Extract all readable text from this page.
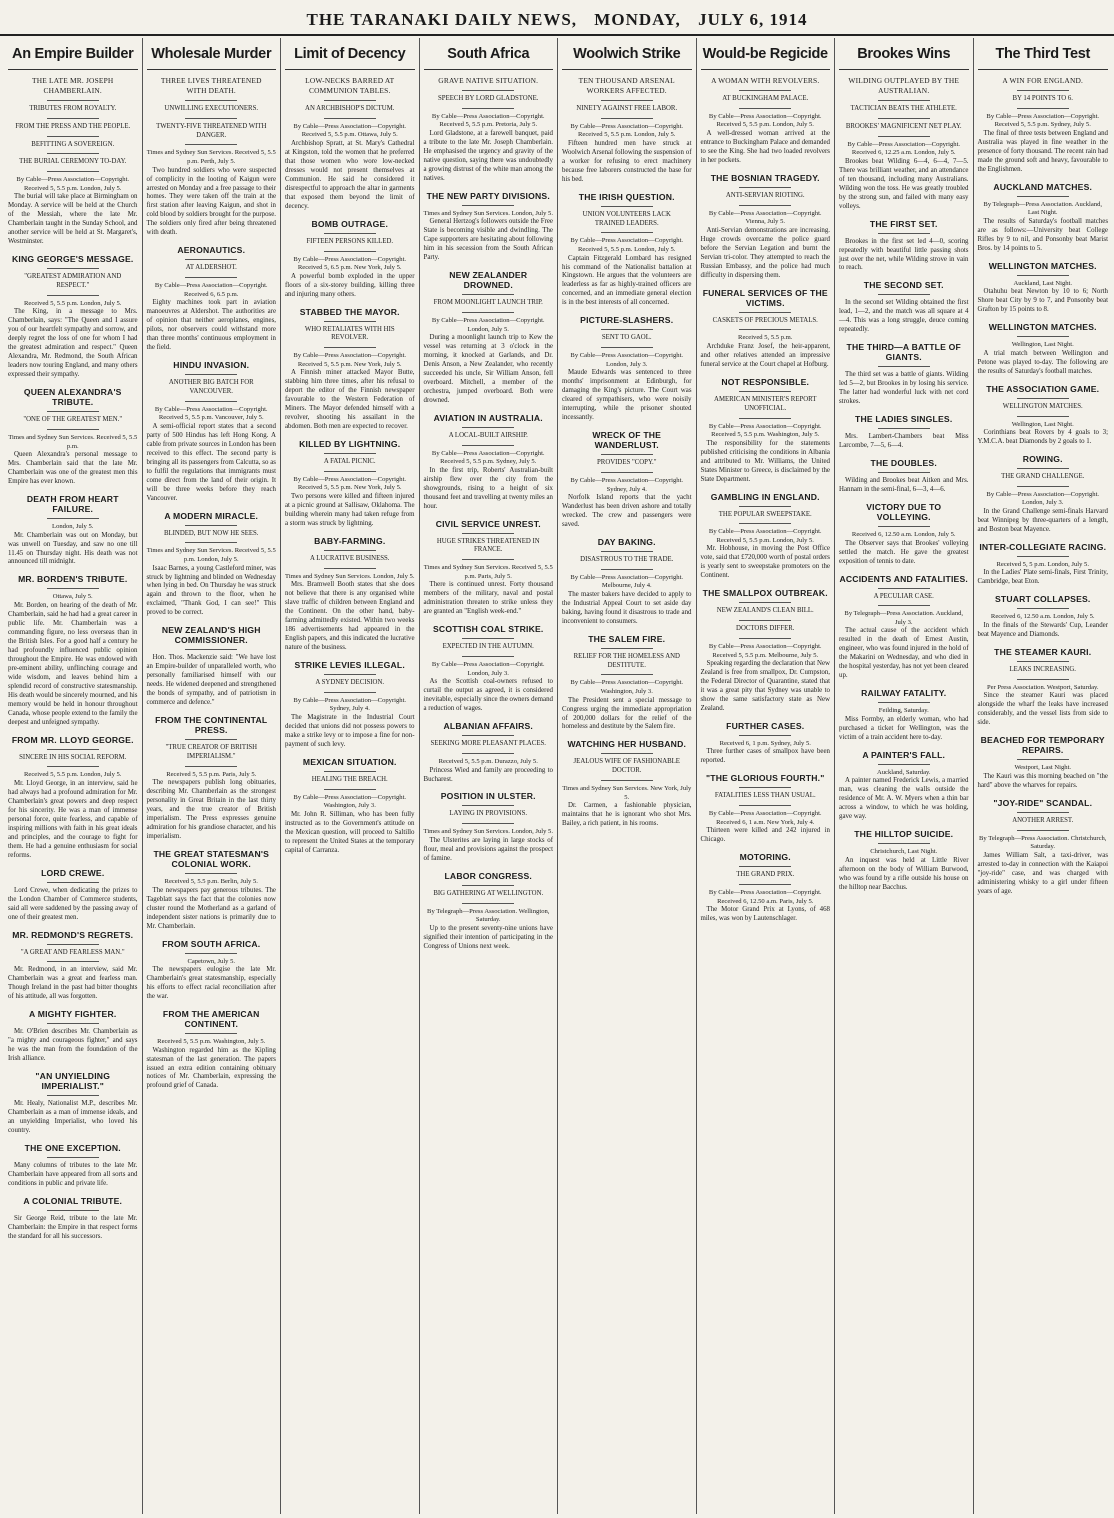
THE TARANAKI DAILY NEWS, MONDAY, JULY 6, 1914
An Empire Builder
THE LATE MR. JOSEPH CHAMBERLAIN.
TRIBUTES FROM ROYALTY.
FROM THE PRESS AND THE PEOPLE.
BEFITTING A SOVEREIGN.
THE BURIAL CEREMONY TO-DAY.
By Cable—Press Association—Copyright. Received 5, 5.5 p.m. London, July 5.
The burial will take place at Birmingham on Monday. A service will be held at the Church of the Messiah, where the late Mr. Chamberlain taught in the Sunday School, and another service will be held at St. Margaret's, Westminster.
KING GEORGE'S MESSAGE.
"GREATEST ADMIRATION AND RESPECT."
Received 5, 5.5 p.m. London, July 5.
The King, in a message to Mrs. Chamberlain, says: "The Queen and I assure you of our heartfelt sympathy and sorrow, and deeply regret the loss of one for whom I had the greatest admiration and respect." Queen Alexandra, Mr. Redmond, the South African leaders now touring England, and many others expressed their sympathy.
QUEEN ALEXANDRA'S TRIBUTE.
"ONE OF THE GREATEST MEN."
Times and Sydney Sun Services. Received 5, 5.5 p.m.
Queen Alexandra's personal message to Mrs. Chamberlain said that the late Mr. Chamberlain was one of the greatest men this Empire has ever known.
DEATH FROM HEART FAILURE.
London, July 5.
Mr. Chamberlain was out on Monday, but was unwell on Tuesday, and saw no one till 11.45 on Thursday night. His death was not announced till midnight.
MR. BORDEN'S TRIBUTE.
Ottawa, July 5.
Mr. Borden, on hearing of the death of Mr. Chamberlain, said he had had a great career in public life. Mr. Chamberlain was a commanding figure, no less overseas than in the British Isles. For a good half a century he had profoundly influenced public opinion throughout the Empire. He was endowed with pre-eminent ability, unflinching courage and wide wisdom, and leaves behind him a splendid record of constructive statesmanship. His death would be sincerely mourned, and his memory would be held in honour throughout Canada, whose people extend to the family the deepest and unfeigned sympathy.
FROM MR. LLOYD GEORGE.
SINCERE IN HIS SOCIAL REFORM.
Received 5, 5.5 p.m. London, July 5.
Mr. Lloyd George, in an interview, said he had always had a profound admiration for Mr. Chamberlain's great powers and deep respect for his sincerity. He was a man of immense personal force, quite fearless, and capable of inspiring millions with faith in his great ideals and principles, and the courage to fight for them. He had a genuine enthusiasm for social reforms.
LORD CREWE.
Lord Crewe, when dedicating the prizes to the London Chamber of Commerce students, said all were saddened by the passing away of one of their greatest men.
MR. REDMOND'S REGRETS.
"A GREAT AND FEARLESS MAN."
Mr. Redmond, in an interview, said Mr. Chamberlain was a great and fearless man. Though Ireland in the past had bitter thoughts of his attitude, all was forgotten.
A MIGHTY FIGHTER.
Mr. O'Brien describes Mr. Chamberlain as "a mighty and courageous fighter," and says he was the man from the foundation of the Irish alliance.
"AN UNYIELDING IMPERIALIST."
Mr. Healy, Nationalist M.P., describes Mr. Chamberlain as a man of immense ideals, and an unyielding Imperialist, who loved his country.
THE ONE EXCEPTION.
Many columns of tributes to the late Mr. Chamberlain have appeared from all sorts and conditions in public and private life.
A COLONIAL TRIBUTE.
Sir George Reid, tribute to the late Mr. Chamberlain: the Empire in that respect forms the standard for all his successors.
Wholesale Murder
THREE LIVES THREATENED WITH DEATH.
UNWILLING EXECUTIONERS.
TWENTY-FIVE THREATENED WITH DANGER.
Times and Sydney Sun Services. Received 5, 5.5 p.m. Perth, July 5.
Two hundred soldiers who were suspected of complicity in the looting of Kaigun were arrested on Monday and a free passage to their homes. They were taken off the train at the first station after leaving Kaigun, and shot in cold blood by soldiers brought for the purpose. The soldiers only fired after being threatened with death.
AERONAUTICS.
AT ALDERSHOT.
By Cable—Press Association—Copyright. Received 6, 6.5 p.m.
Eighty machines took part in aviation manoeuvres at Aldershot. The authorities are of opinion that neither aeroplanes, engines, pilots, nor observers could withstand more than three months' continuous employment in the field.
HINDU INVASION.
ANOTHER BIG BATCH FOR VANCOUVER.
By Cable—Press Association—Copyright. Received 5, 5.5 p.m. Vancouver, July 5.
A semi-official report states that a second party of 500 Hindus has left Hong Kong. A cable from private sources in London has been received to this effect. The second party is bringing all its passengers from Calcutta, so as to fulfil the regulations that immigrants must come direct from the land of their origin. It will be three weeks before they reach Vancouver.
A MODERN MIRACLE.
BLINDED, BUT NOW HE SEES.
Times and Sydney Sun Services. Received 5, 5.5 p.m. London, July 5.
Isaac Barnes, a young Castleford miner, was struck by lightning and blinded on Wednesday when lying in bed. On Thursday he was struck again and thrown to the floor, when he exclaimed, "Thank God, I can see!" This proved to be correct.
NEW ZEALAND'S HIGH COMMISSIONER.
Hon. Thos. Mackenzie said: "We have lost an Empire-builder of unparalleled worth, who personally familiarised himself with our needs. He widened deepened and strengthened the bonds of sympathy, and of patriotism in commerce and defence."
FROM THE CONTINENTAL PRESS.
"TRUE CREATOR OF BRITISH IMPERIALISM."
Received 5, 5.5 p.m. Paris, July 5.
The newspapers publish long obituaries, describing Mr. Chamberlain as the strongest personality in Great Britain in the last thirty years, and the true creator of British imperialism. The Press expresses genuine admiration for his grandiose character, and his imperialism.
THE GREAT STATESMAN'S COLONIAL WORK.
Received 5, 5.5 p.m. Berlin, July 5.
The newspapers pay generous tributes. The Tageblatt says the fact that the colonies now cluster round the Motherland as a garland of independent sister nations is primarily due to Mr. Chamberlain.
FROM SOUTH AFRICA.
Capetown, July 5.
The newspapers eulogise the late Mr. Chamberlain's great statesmanship, especially his efforts to effect racial reconciliation after the war.
FROM THE AMERICAN CONTINENT.
Received 5, 5.5 p.m. Washington, July 5.
Washington regarded him as the Kipling statesman of the last generation. The papers issued an extra edition containing obituary notices of Mr. Chamberlain, expressing the profound grief of Canada.
Limit of Decency
LOW-NECKS BARRED AT COMMUNION TABLES.
AN ARCHBISHOP'S DICTUM.
By Cable—Press Association—Copyright. Received 5, 5.5 p.m. Ottawa, July 5.
Archbishop Spratt, at St. Mary's Cathedral at Kingston, told the women that he preferred that those women who wore low-necked dresses would not present themselves at Communion. He said he considered it disrespectful to approach the altar in garments that exposed them beyond the limit of decency.
BOMB OUTRAGE.
FIFTEEN PERSONS KILLED.
By Cable—Press Association—Copyright. Received 5, 6.5 p.m. New York, July 5.
A powerful bomb exploded in the upper floors of a six-storey building, killing three and injuring many others.
STABBED THE MAYOR.
WHO RETALIATES WITH HIS REVOLVER.
By Cable—Press Association—Copyright. Received 5, 5.5 p.m. New York, July 5.
A Finnish miner attacked Mayor Butte, stabbing him three times, after his refusal to deport the editor of the Finnish newspaper favourable to the Western Federation of Miners. The Mayor defended himself with a revolver, shooting his assailant in the abdomen. Both men are expected to recover.
KILLED BY LIGHTNING.
A FATAL PICNIC.
By Cable—Press Association—Copyright. Received 5, 5.5 p.m. New York, July 5.
Two persons were killed and fifteen injured at a picnic ground at Sallisaw, Oklahoma. The building wherein many had taken refuge from a storm was struck by lightning.
BABY-FARMING.
A LUCRATIVE BUSINESS.
Times and Sydney Sun Services. London, July 5.
Mrs. Bramwell Booth states that she does not believe that there is any organised white slave traffic of children between England and the Continent. On the other hand, baby-farming admittedly existed. Within two weeks 186 advertisements had appeared in the English papers, and this indicated the lucrative nature of the business.
STRIKE LEVIES ILLEGAL.
A SYDNEY DECISION.
By Cable—Press Association—Copyright. Sydney, July 4.
The Magistrate in the Industrial Court decided that unions did not possess powers to make a strike levy or to impose a fine for non-payment of such levy.
MEXICAN SITUATION.
HEALING THE BREACH.
By Cable—Press Association—Copyright. Washington, July 3.
Mr. John R. Silliman, who has been fully instructed as to the Government's attitude on the Mexican question, will proceed to Saltillo to represent the United States at the temporary capital of Carranza.
South Africa
GRAVE NATIVE SITUATION.
SPEECH BY LORD GLADSTONE.
By Cable—Press Association—Copyright. Received 5, 5.5 p.m. Pretoria, July 5.
Lord Gladstone, at a farewell banquet, paid a tribute to the late Mr. Joseph Chamberlain. He emphasised the urgency and gravity of the native question, saying there was undoubtedly a growing distrust of the white man among the natives.
THE NEW PARTY DIVISIONS.
Times and Sydney Sun Services. London, July 5.
General Hertzog's followers outside the Free State is becoming visible and dwindling. The Cape supporters are hesitating about following him in his secession from the South African Party.
NEW ZEALANDER DROWNED.
FROM MOONLIGHT LAUNCH TRIP.
By Cable—Press Association—Copyright. London, July 5.
During a moonlight launch trip to Kew the vessel was returning at 3 o'clock in the morning, it knocked at Garlands, and Dr. Denis Anson, a New Zealander, who recently succeeded his uncle, Sir William Anson, fell overboard. Mitchell, a member of the orchestra, jumped overboard. Both were drowned.
AVIATION IN AUSTRALIA.
A LOCAL-BUILT AIRSHIP.
By Cable—Press Association—Copyright. Received 5, 5.5 p.m. Sydney, July 5.
In the first trip, Roberts' Australian-built airship flew over the city from the showgrounds, rising to a height of six thousand feet and travelling at twenty miles an hour.
CIVIL SERVICE UNREST.
HUGE STRIKES THREATENED IN FRANCE.
Times and Sydney Sun Services. Received 5, 5.5 p.m. Paris, July 5.
There is continued unrest. Forty thousand members of the military, naval and postal administration threaten to strike unless they are granted an "English week-end."
SCOTTISH COAL STRIKE.
EXPECTED IN THE AUTUMN.
By Cable—Press Association—Copyright. London, July 3.
As the Scottish coal-owners refused to curtail the output as agreed, it is considered inevitable, especially since the owners demand a reduction of wages.
ALBANIAN AFFAIRS.
SEEKING MORE PLEASANT PLACES.
Received 5, 5.5 p.m. Durazzo, July 5.
Princess Wied and family are proceeding to Bucharest.
POSITION IN ULSTER.
LAYING IN PROVISIONS.
Times and Sydney Sun Services. London, July 5.
The Ulsterites are laying in large stocks of flour, meal and provisions against the prospect of famine.
LABOR CONGRESS.
BIG GATHERING AT WELLINGTON.
By Telegraph—Press Association. Wellington, Saturday.
Up to the present seventy-nine unions have signified their intention of participating in the Congress of Unions next week.
Woolwich Strike
TEN THOUSAND ARSENAL WORKERS AFFECTED.
NINETY AGAINST FREE LABOR.
By Cable—Press Association—Copyright. Received 5, 5.5 p.m. London, July 5.
Fifteen hundred men have struck at Woolwich Arsenal following the suspension of a worker for refusing to erect machinery because free laborers constructed the base for his bed.
THE IRISH QUESTION.
UNION VOLUNTEERS LACK TRAINED LEADERS.
By Cable—Press Association—Copyright. Received 5, 5.5 p.m. London, July 5.
Captain Fitzgerald Lombard has resigned his command of the Nationalist battalion at Kingstown. He argues that the volunteers are leaderless as far as highly-trained officers are concerned, and an immediate general election is in the best interests of all concerned.
PICTURE-SLASHERS.
SENT TO GAOL.
By Cable—Press Association—Copyright. London, July 3.
Maude Edwards was sentenced to three months' imprisonment at Edinburgh, for damaging the King's picture. The Court was cleared of sympathisers, who were noisily interrupting, while the prisoner shouted incessantly.
WRECK OF THE WANDERLUST.
PROVIDES "COPY."
By Cable—Press Association—Copyright. Sydney, July 4.
Norfolk Island reports that the yacht Wanderlust has been driven ashore and totally wrecked. The crew and passengers were saved.
DAY BAKING.
DISASTROUS TO THE TRADE.
By Cable—Press Association—Copyright. Melbourne, July 4.
The master bakers have decided to apply to the Industrial Appeal Court to set aside day baking, having found it disastrous to trade and inconvenient to consumers.
THE SALEM FIRE.
RELIEF FOR THE HOMELESS AND DESTITUTE.
By Cable—Press Association—Copyright. Washington, July 3.
The President sent a special message to Congress urging the immediate appropriation of 200,000 dollars for the relief of the homeless and destitute by the Salem fire.
WATCHING HER HUSBAND.
JEALOUS WIFE OF FASHIONABLE DOCTOR.
Times and Sydney Sun Services. New York, July 5.
Dr. Carmen, a fashionable physician, maintains that he is ignorant who shot Mrs. Bailey, a rich patient, in his rooms.
Would-be Regicide
A WOMAN WITH REVOLVERS.
AT BUCKINGHAM PALACE.
By Cable—Press Association—Copyright. Received 5, 5.5 p.m. London, July 5.
A well-dressed woman arrived at the entrance to Buckingham Palace and demanded to see the King. She had two loaded revolvers in her pockets.
THE BOSNIAN TRAGEDY.
ANTI-SERVIAN RIOTING.
By Cable—Press Association—Copyright. Vienna, July 5.
Anti-Servian demonstrations are increasing. Huge crowds overcame the police guard before the Servian Legation and burnt the Servian tri-color. They attempted to reach the Russian Embassy, and the police had much difficulty in dispersing them.
FUNERAL SERVICES OF THE VICTIMS.
CASKETS OF PRECIOUS METALS.
Received 5, 5.5 p.m.
Archduke Franz Josef, the heir-apparent, and other relatives attended an impressive funeral service at the Court chapel at Hofburg.
NOT RESPONSIBLE.
AMERICAN MINISTER'S REPORT UNOFFICIAL.
By Cable—Press Association—Copyright. Received 5, 5.5 p.m. Washington, July 5.
The responsibility for the statements published criticising the conditions in Albania and attributed to Mr. Williams, the United States Minister to Greece, is disclaimed by the State Department.
GAMBLING IN ENGLAND.
THE POPULAR SWEEPSTAKE.
By Cable—Press Association—Copyright. Received 5, 5.5 p.m. London, July 5.
Mr. Hobhouse, in moving the Post Office vote, said that £720,000 worth of postal orders is yearly sent to sweepstake promoters on the Continent.
THE SMALLPOX OUTBREAK.
NEW ZEALAND'S CLEAN BILL.
DOCTORS DIFFER.
By Cable—Press Association—Copyright. Received 5, 5.5 p.m. Melbourne, July 5.
Speaking regarding the declaration that New Zealand is free from smallpox, Dr. Cumpston, the Federal Director of Quarantine, stated that it was a great pity that Sydney was unable to show the same satisfactory state as New Zealand.
FURTHER CASES.
Received 6, 1 p.m. Sydney, July 5.
Three further cases of smallpox have been reported.
"THE GLORIOUS FOURTH."
FATALITIES LESS THAN USUAL.
By Cable—Press Association—Copyright. Received 6, 1 a.m. New York, July 4.
Thirteen were killed and 242 injured in Chicago.
MOTORING.
THE GRAND PRIX.
By Cable—Press Association—Copyright. Received 6, 12.50 a.m. Paris, July 5.
The Motor Grand Prix at Lyons, of 468 miles, was won by Lautenschlager.
Brookes Wins
WILDING OUTPLAYED BY THE AUSTRALIAN.
TACTICIAN BEATS THE ATHLETE.
BROOKES' MAGNIFICENT NET PLAY.
By Cable—Press Association—Copyright. Received 6, 12.25 a.m. London, July 5.
Brookes beat Wilding 6—4, 6—4, 7—5. There was brilliant weather, and an attendance of ten thousand, including many Australians. Wilding won the toss. He was greatly troubled by the strong sun, and failed with many easy volleys.
THE FIRST SET.
Brookes in the first set led 4—0, scoring repeatedly with beautiful little passing shots just over the net, while Wilding strove in vain to reach.
THE SECOND SET.
In the second set Wilding obtained the first lead, 1—2, and the match was all square at 4—4. This was a long struggle, deuce coming repeatedly.
THE THIRD—A BATTLE OF GIANTS.
The third set was a battle of giants. Wilding led 5—2, but Brookes in by losing his service. The latter had wonderful luck with net cord strokes.
THE LADIES SINGLES.
Mrs. Lambert-Chambers beat Miss Larcombe, 7—5, 6—4.
THE DOUBLES.
Wilding and Brookes beat Aitken and Mrs. Hannam in the semi-final, 6—3, 4—6.
VICTORY DUE TO VOLLEYING.
Received 6, 12.50 a.m. London, July 5.
The Observer says that Brookes' volleying settled the match. He gave the greatest exposition of tennis to date.
ACCIDENTS AND FATALITIES.
A PECULIAR CASE.
By Telegraph—Press Association. Auckland, July 3.
The actual cause of the accident which resulted in the death of Ernest Austin, engineer, who was found injured in the hold of the Makarini on Wednesday, and who died in the hospital yesterday, has not yet been cleared up.
RAILWAY FATALITY.
Feilding, Saturday.
Miss Formby, an elderly woman, who had purchased a ticket for Wellington, was the victim of a train accident here to-day.
A PAINTER'S FALL.
Auckland, Saturday.
A painter named Frederick Lewis, a married man, was cleaning the walls outside the residence of Mr. A. W. Myers when a thin bar across a window, to which he was holding, gave way.
THE HILLTOP SUICIDE.
Christchurch, Last Night.
An inquest was held at Little River afternoon on the body of William Burwood, who was found by a rifle outside his house on the hilltop near Bacchus.
The Third Test
A WIN FOR ENGLAND.
BY 14 POINTS TO 6.
By Cable—Press Association—Copyright. Received 5, 5.5 p.m. Sydney, July 5.
The final of three tests between England and Australia was played in fine weather in the presence of forty thousand. The recent rain had made the ground soft and heavy, favourable to the Englishmen.
AUCKLAND MATCHES.
By Telegraph—Press Association. Auckland, Last Night.
The results of Saturday's football matches are as follows:—University beat College Rifles by 9 to nil, and Ponsonby beat Marist Bros. by 14 points to 5.
WELLINGTON MATCHES.
Auckland, Last Night.
Otahuhu beat Newton by 10 to 6; North Shore beat City by 9 to 7, and Ponsonby beat Grafton by 15 points to 8.
WELLINGTON MATCHES.
Wellington, Last Night.
A trial match between Wellington and Petone was played to-day. The following are the results of Saturday's football matches.
THE ASSOCIATION GAME.
WELLINGTON MATCHES.
Wellington, Last Night.
Corinthians beat Rovers by 4 goals to 3; Y.M.C.A. beat Diamonds by 2 goals to 1.
ROWING.
THE GRAND CHALLENGE.
By Cable—Press Association—Copyright. London, July 3.
In the Grand Challenge semi-finals Harvard beat Winnipeg by three-quarters of a length, and Boston beat Mayence.
INTER-COLLEGIATE RACING.
Received 5, 5 p.m. London, July 5.
In the Ladies' Plate semi-finals, First Trinity, Cambridge, beat Eton.
STUART COLLAPSES.
Received 6, 12.50 a.m. London, July 5.
In the finals of the Stewards' Cup, Leander beat Mayence and Diamonds.
THE STEAMER KAURI.
LEAKS INCREASING.
Per Press Association. Westport, Saturday.
Since the steamer Kauri was placed alongside the wharf the leaks have increased considerably, and the vessel lists from side to side.
BEACHED FOR TEMPORARY REPAIRS.
Westport, Last Night.
The Kauri was this morning beached on "the hard" above the wharves for repairs.
"JOY-RIDE" SCANDAL.
ANOTHER ARREST.
By Telegraph—Press Association. Christchurch, Saturday.
James William Salt, a taxi-driver, was arrested to-day in connection with the Kaiapoi "joy-ride" case, and was charged with administering whisky to a girl under fifteen years of age.
